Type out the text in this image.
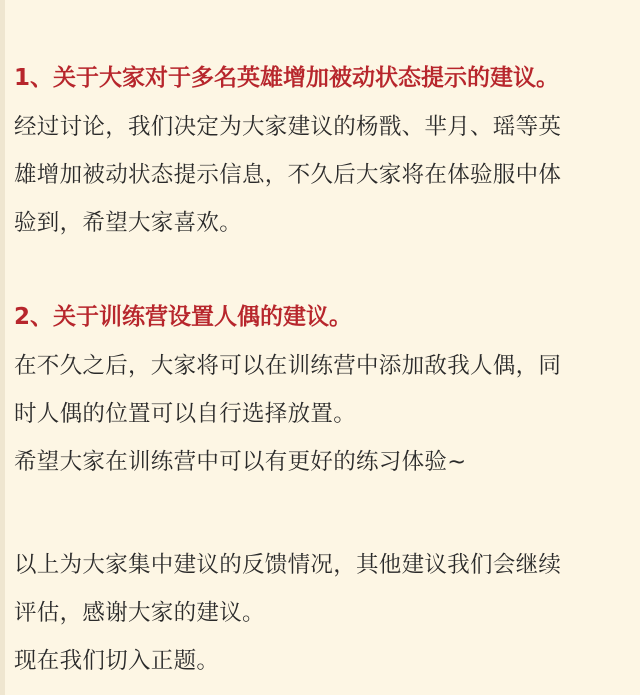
1、关于大家对于多名英雄增加被动状态提示的建议。

经过讨论，我们决定为大家建议的杨戬、芈月、瑶等英

雄增加被动状态提示信息，不久后大家将在体验服中体

验到，希望大家喜欢。

2、关于训练营设置人偶的建议。

在不久之后，大家将可以在训练营中添加敌我人偶，同

时人偶的位置可以自行选择放置。

希望大家在训练营中可以有更好的练习体验~

以上为大家集中建议的反馈情况，其他建议我们会继续

评估，感谢大家的建议。

现在我们切入正题。
